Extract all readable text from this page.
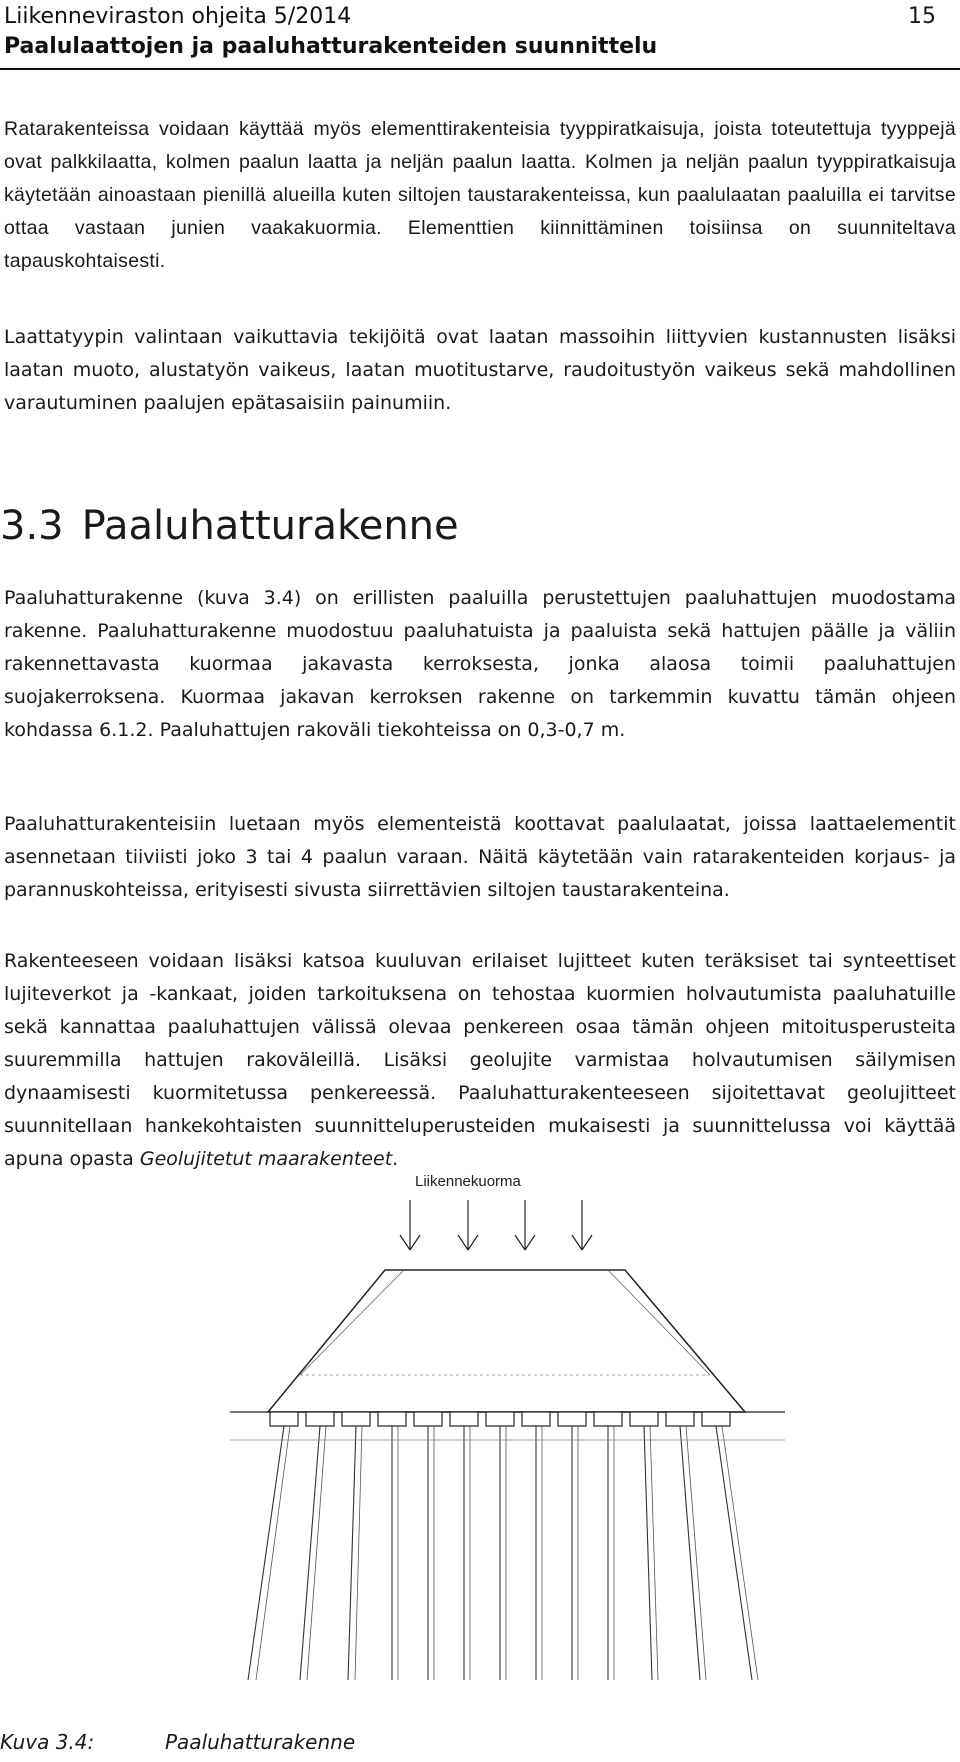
Liikenneviraston ohjeita 5/2014
Paalulaattojen ja paaluhatturakenteiden suunnittelu
15

Ratarakenteissa voidaan käyttää myös elementtirakenteisia tyyppiratkaisuja, joista toteutettuja tyyppejä ovat palkkilaatta, kolmen paalun laatta ja neljän paalun laatta. Kolmen ja neljän paalun tyyppiratkaisuja käytetään ainoastaan pienillä alueilla kuten siltojen taustarakenteissa, kun paalulaatan paaluilla ei tarvitse ottaa vastaan junien vaakakuormia. Elementtien kiinnittäminen toisiinsa on suunniteltava tapauskohtaisesti.

Laattatyypin valintaan vaikuttavia tekijöitä ovat laatan massoihin liittyvien kustannusten lisäksi laatan muoto, alustatyön vaikeus, laatan muotitustarve, raudoitustyön vaikeus sekä mahdollinen varautuminen paalujen epätasaisiin painumiin.

3.3 Paaluhatturakenne

Paaluhatturakenne (kuva 3.4) on erillisten paaluilla perustettujen paaluhattujen muodostama rakenne. Paaluhatturakenne muodostuu paaluhatuista ja paaluista sekä hattujen päälle ja väliin rakennettavasta kuormaa jakavasta kerroksesta, jonka alaosa toimii paaluhattujen suojakerroksena. Kuormaa jakavan kerroksen rakenne on tarkemmin kuvattu tämän ohjeen kohdassa 6.1.2. Paaluhattujen rakoväli tiekohteissa on 0,3-0,7 m.

Paaluhatturakenteisiin luetaan myös elementeistä koottavat paalulaatat, joissa laattaelementit asennetaan tiiviisti joko 3 tai 4 paalun varaan. Näitä käytetään vain ratarakenteiden korjaus- ja parannuskohteissa, erityisesti sivusta siirrettävien siltojen taustarakenteina.

Rakenteeseen voidaan lisäksi katsoa kuuluvan erilaiset lujitteet kuten teräksiset tai synteettiset lujiteverkot ja -kankaat, joiden tarkoituksena on tehostaa kuormien holvautumista paaluhatuille sekä kannattaa paaluhattujen välissä olevaa penkereen osaa tämän ohjeen mitoitusperusteita suuremmilla hattujen rakoväleillä. Lisäksi geolujite varmistaa holvautumisen säilymisen dynaamisesti kuormitetussa penkereessä. Paaluhatturakenteeseen sijoitettavat geolujitteet suunnitellaan hankekohtaisten suunnitteluperusteiden mukaisesti ja suunnittelussa voi käyttää apuna opasta Geolujitetut maarakenteet.

Liikennekuorma
Kuva 3.4:	Paaluhatturakenne
